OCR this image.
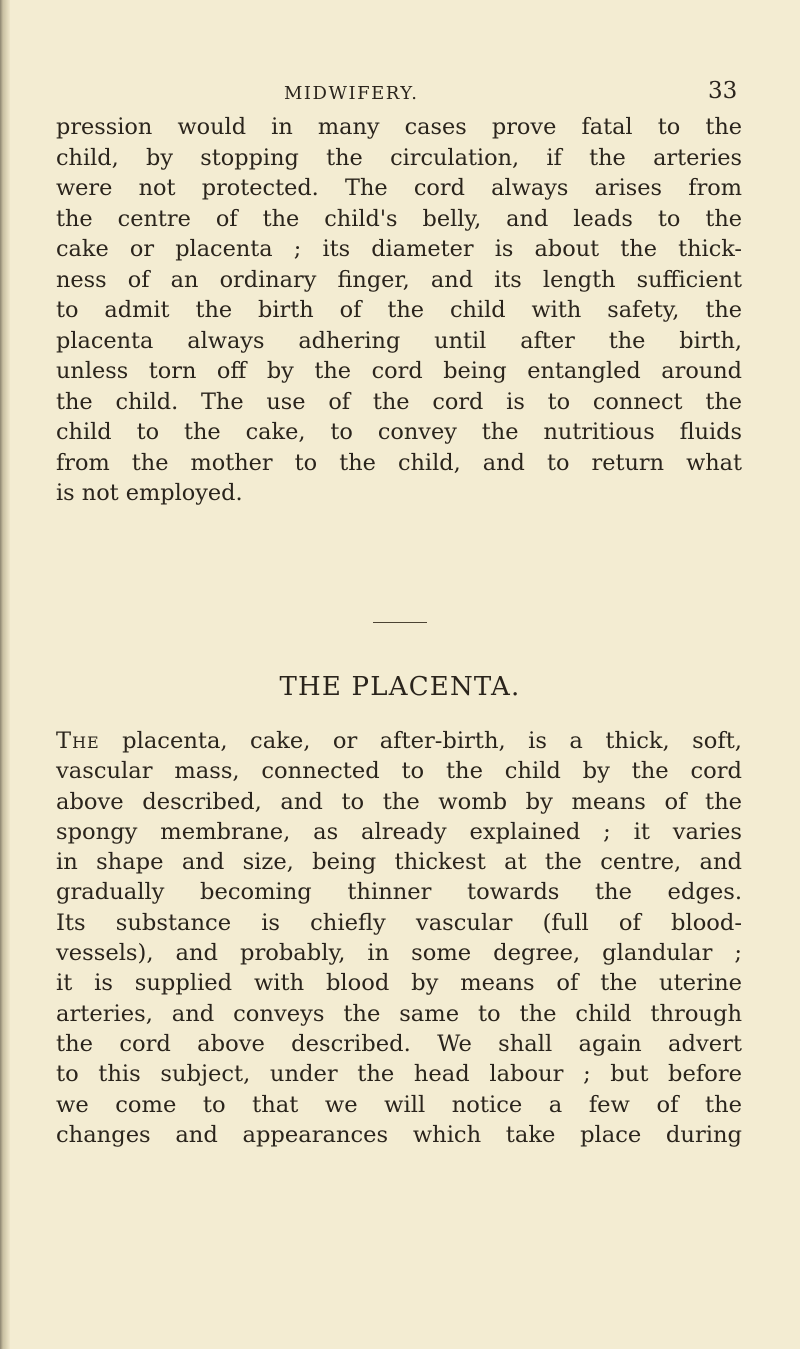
MIDWIFERY.	33

pression would in many cases prove fatal to the
child, by stopping the circulation, if the arteries
were not protected. The cord always arises from
the centre of the child's belly, and leads to the
cake or placenta ; its diameter is about the thick-
ness of an ordinary finger, and its length sufficient
to admit the birth of the child with safety, the
placenta always adhering until after the birth,
unless torn off by the cord being entangled around
the child. The use of the cord is to connect the
child to the cake, to convey the nutritious fluids
from the mother to the child, and to return what
is not employed.

THE PLACENTA.

The placenta, cake, or after-birth, is a thick, soft,
vascular mass, connected to the child by the cord
above described, and to the womb by means of the
spongy membrane, as already explained ; it varies
in shape and size, being thickest at the centre, and
gradually becoming thinner towards the edges.
Its substance is chiefly vascular (full of blood-
vessels), and probably, in some degree, glandular ;
it is supplied with blood by means of the uterine
arteries, and conveys the same to the child through
the cord above described. We shall again advert
to this subject, under the head labour ; but before
we come to that we will notice a few of the
changes and appearances which take place during
